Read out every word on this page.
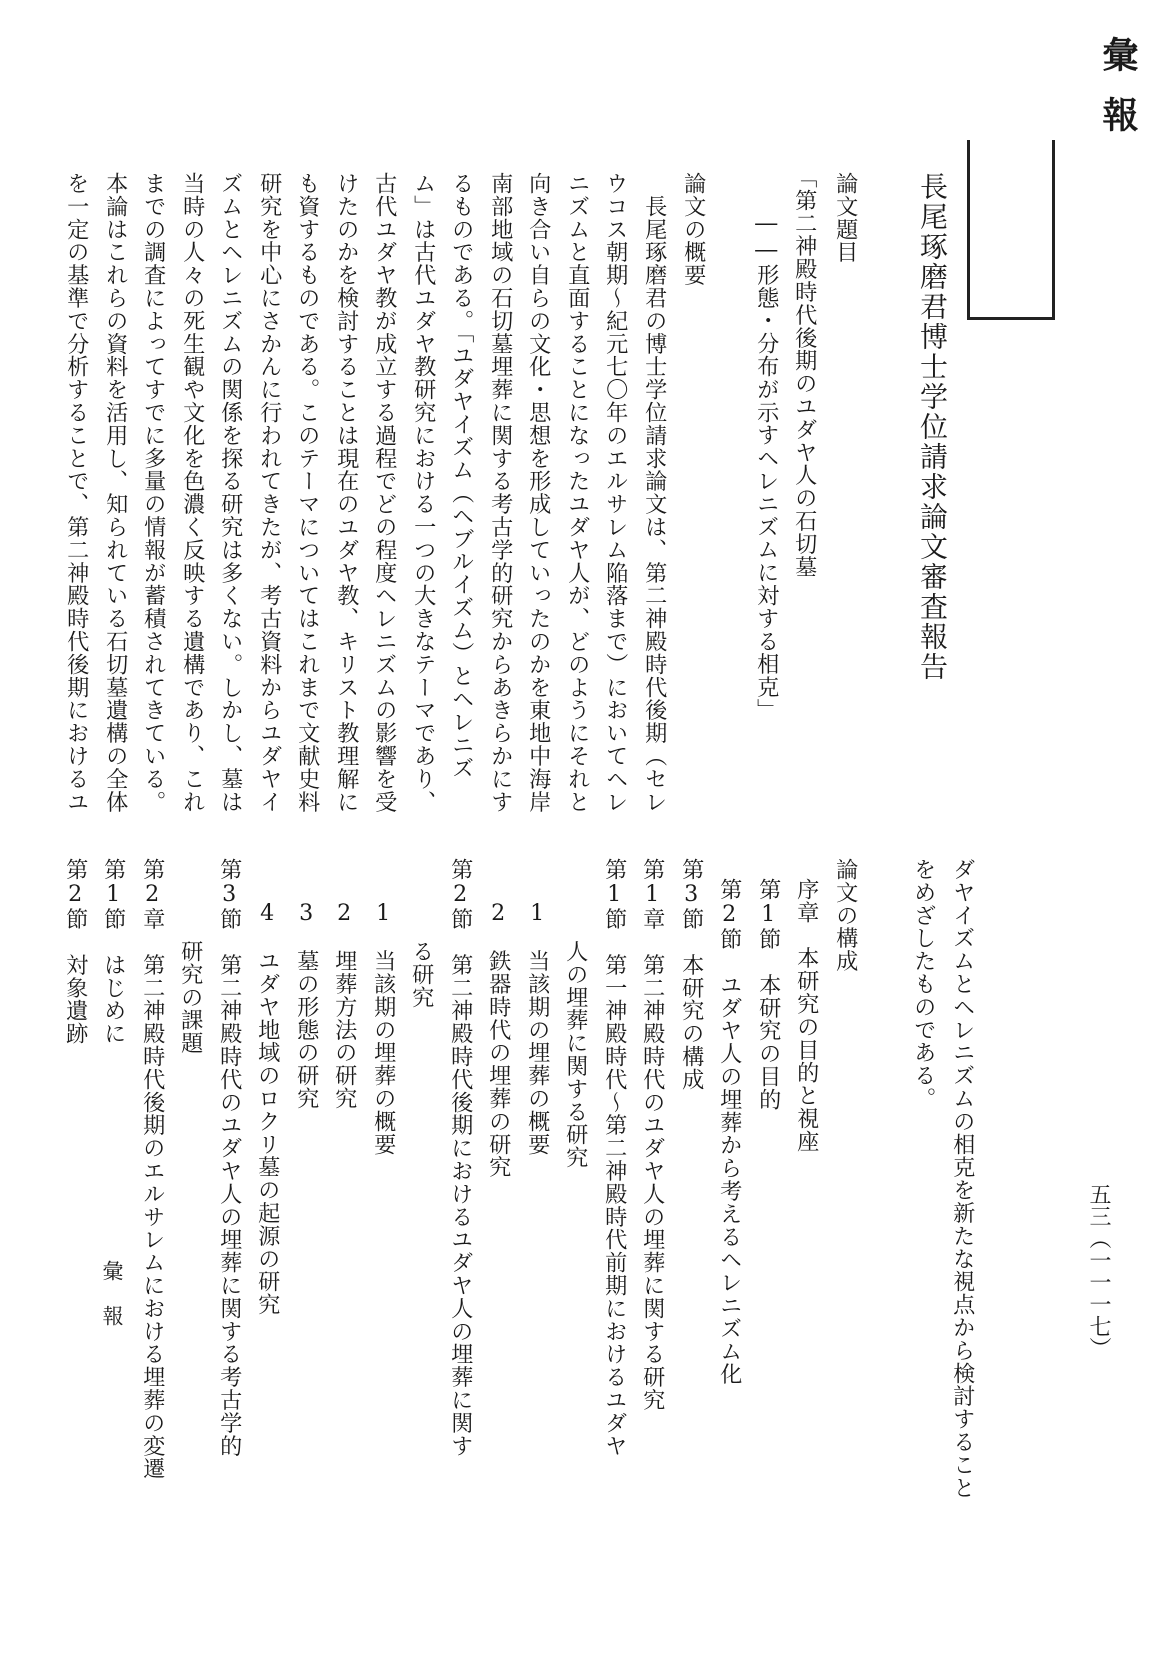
彙報
長尾琢磨君博士学位請求論文審査報告
論文題目
「第二神殿時代後期のユダヤ人の石切墓
――形態・分布が示すヘレニズムに対する相克」
論文の概要
　長尾琢磨君の博士学位請求論文は、第二神殿時代後期（セレ
ウコス朝期～紀元七〇年のエルサレム陥落まで）においてヘレ
ニズムと直面することになったユダヤ人が、どのようにそれと
向き合い自らの文化・思想を形成していったのかを東地中海岸
南部地域の石切墓埋葬に関する考古学的研究からあきらかにす
るものである。「ユダヤイズム（ヘブルイズム）とヘレニズ
ム」は古代ユダヤ教研究における一つの大きなテーマであり、
古代ユダヤ教が成立する過程でどの程度ヘレニズムの影響を受
けたのかを検討することは現在のユダヤ教、キリスト教理解に
も資するものである。このテーマについてはこれまで文献史料
研究を中心にさかんに行われてきたが、考古資料からユダヤイ
ズムとヘレニズムの関係を探る研究は多くない。しかし、墓は
当時の人々の死生観や文化を色濃く反映する遺構であり、これ
までの調査によってすでに多量の情報が蓄積されてきている。
本論はこれらの資料を活用し、知られている石切墓遺構の全体
を一定の基準で分析することで、第二神殿時代後期におけるユ
ダヤイズムとヘレニズムの相克を新たな視点から検討すること
をめざしたものである。
論文の構成
序章　本研究の目的と視座
第1節　本研究の目的
第2節　ユダヤ人の埋葬から考えるヘレニズム化
第3節　本研究の構成
第1章　第二神殿時代のユダヤ人の埋葬に関する研究
第1節　第一神殿時代～第二神殿時代前期におけるユダヤ
人の埋葬に関する研究
1　当該期の埋葬の概要
2　鉄器時代の埋葬の研究
第2節　第二神殿時代後期におけるユダヤ人の埋葬に関す
る研究
1　当該期の埋葬の概要
2　埋葬方法の研究
3　墓の形態の研究
4　ユダヤ地域のロクリ墓の起源の研究
第3節　第二神殿時代のユダヤ人の埋葬に関する考古学的
研究の課題
第2章　第二神殿時代後期のエルサレムにおける埋葬の変遷
第1節　はじめに
第2節　対象遺跡
五三（一一一七）
彙報
